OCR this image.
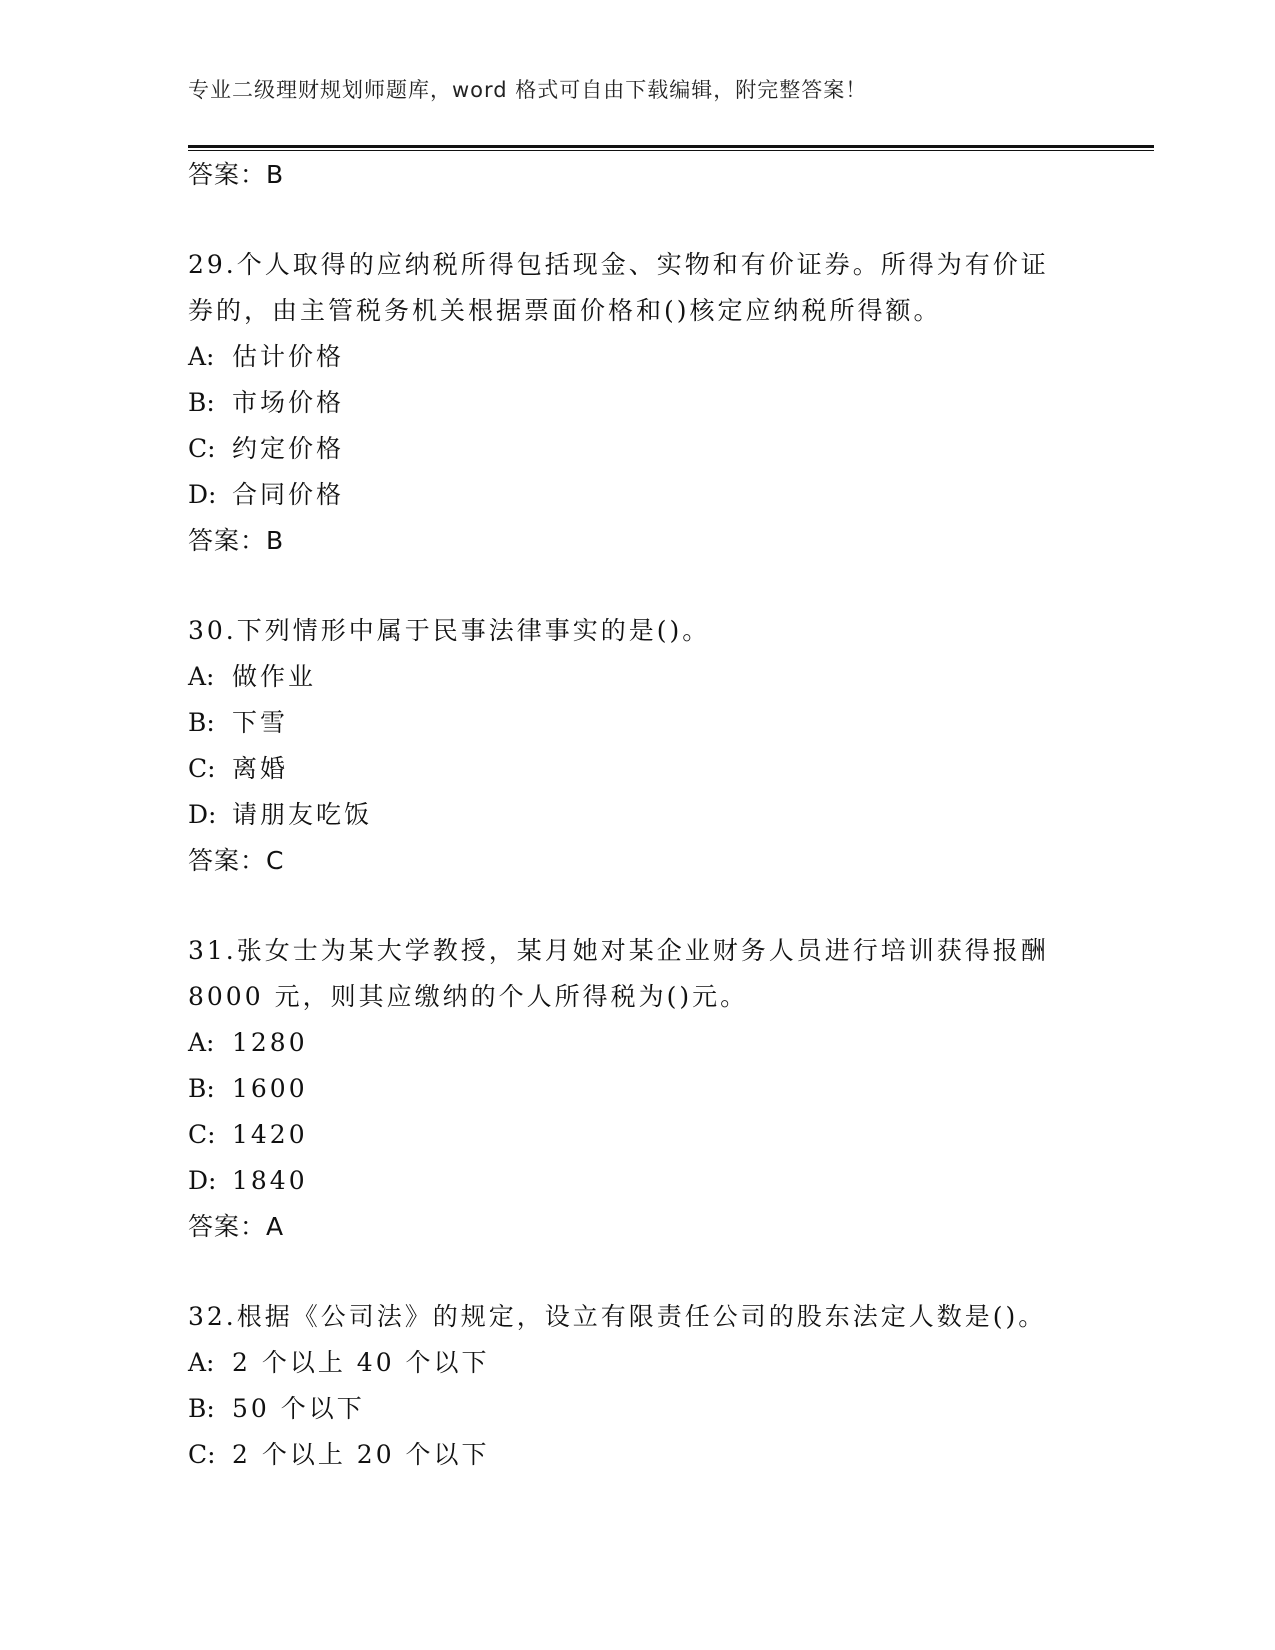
专业二级理财规划师题库，word 格式可自由下载编辑，附完整答案！
答案：B
29.个人取得的应纳税所得包括现金、实物和有价证券。所得为有价证
券的，由主管税务机关根据票面价格和()核定应纳税所得额。
A: 估计价格
B: 市场价格
C: 约定价格
D: 合同价格
答案：B
30.下列情形中属于民事法律事实的是()。
A: 做作业
B: 下雪
C: 离婚
D: 请朋友吃饭
答案：C
31.张女士为某大学教授，某月她对某企业财务人员进行培训获得报酬
8000 元，则其应缴纳的个人所得税为()元。
A: 1280
B: 1600
C: 1420
D: 1840
答案：A
32.根据《公司法》的规定，设立有限责任公司的股东法定人数是()。
A: 2 个以上 40 个以下
B: 50 个以下
C: 2 个以上 20 个以下
